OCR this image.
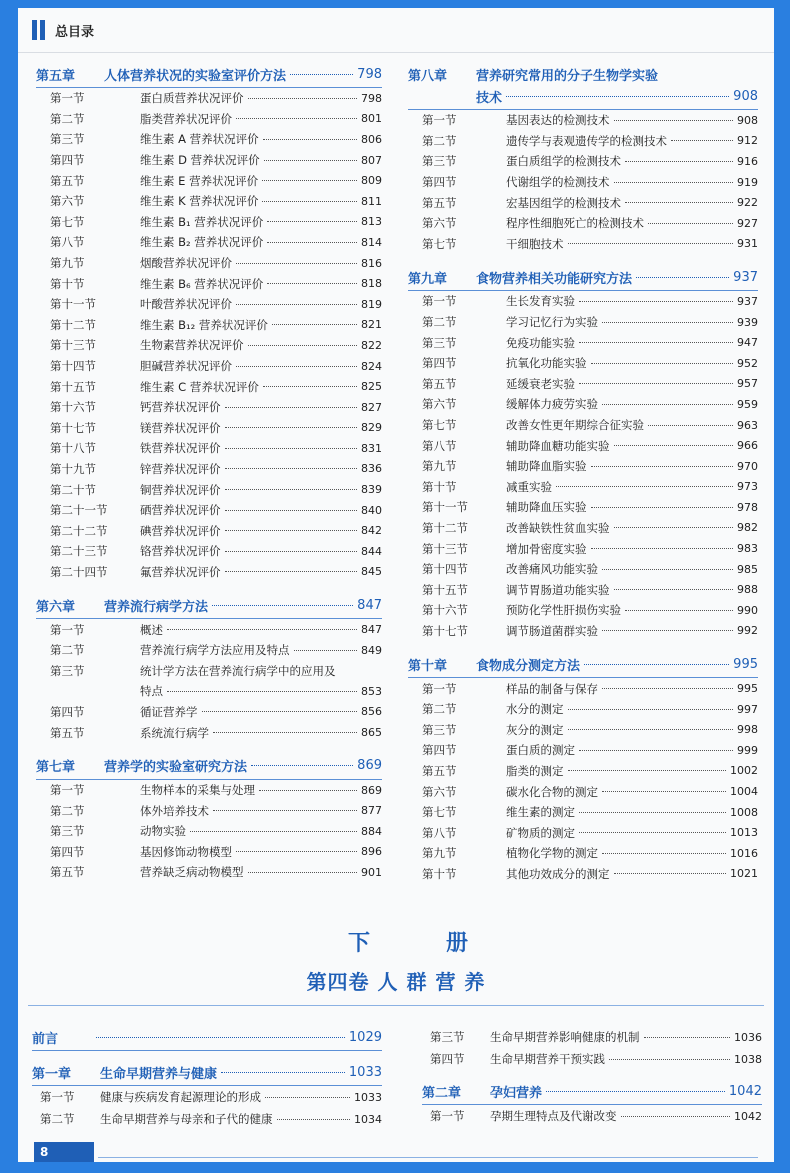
总目录
第五章	人体营养状况的实验室评价方法	798
第一节	蛋白质营养状况评价	798
第二节	脂类营养状况评价	801
第三节	维生素 A 营养状况评价	806
第四节	维生素 D 营养状况评价	807
第五节	维生素 E 营养状况评价	809
第六节	维生素 K 营养状况评价	811
第七节	维生素 B₁ 营养状况评价	813
第八节	维生素 B₂ 营养状况评价	814
第九节	烟酸营养状况评价	816
第十节	维生素 B₆ 营养状况评价	818
第十一节	叶酸营养状况评价	819
第十二节	维生素 B₁₂ 营养状况评价	821
第十三节	生物素营养状况评价	822
第十四节	胆碱营养状况评价	824
第十五节	维生素 C 营养状况评价	825
第十六节	钙营养状况评价	827
第十七节	镁营养状况评价	829
第十八节	铁营养状况评价	831
第十九节	锌营养状况评价	836
第二十节	铜营养状况评价	839
第二十一节	硒营养状况评价	840
第二十二节	碘营养状况评价	842
第二十三节	铬营养状况评价	844
第二十四节	氟营养状况评价	845
第六章	营养流行病学方法	847
第一节	概述	847
第二节	营养流行病学方法应用及特点	849
第三节	统计学方法在营养流行病学中的应用及
特点	853
第四节	循证营养学	856
第五节	系统流行病学	865
第七章	营养学的实验室研究方法	869
第一节	生物样本的采集与处理	869
第二节	体外培养技术	877
第三节	动物实验	884
第四节	基因修饰动物模型	896
第五节	营养缺乏病动物模型	901
第八章	营养研究常用的分子生物学实验
技术	908
第一节	基因表达的检测技术	908
第二节	遗传学与表观遗传学的检测技术	912
第三节	蛋白质组学的检测技术	916
第四节	代谢组学的检测技术	919
第五节	宏基因组学的检测技术	922
第六节	程序性细胞死亡的检测技术	927
第七节	干细胞技术	931
第九章	食物营养相关功能研究方法	937
第一节	生长发育实验	937
第二节	学习记忆行为实验	939
第三节	免疫功能实验	947
第四节	抗氧化功能实验	952
第五节	延缓衰老实验	957
第六节	缓解体力疲劳实验	959
第七节	改善女性更年期综合征实验	963
第八节	辅助降血糖功能实验	966
第九节	辅助降血脂实验	970
第十节	减重实验	973
第十一节	辅助降血压实验	978
第十二节	改善缺铁性贫血实验	982
第十三节	增加骨密度实验	983
第十四节	改善痛风功能实验	985
第十五节	调节胃肠道功能实验	988
第十六节	预防化学性肝损伤实验	990
第十七节	调节肠道菌群实验	992
第十章	食物成分测定方法	995
第一节	样品的制备与保存	995
第二节	水分的测定	997
第三节	灰分的测定	998
第四节	蛋白质的测定	999
第五节	脂类的测定	1002
第六节	碳水化合物的测定	1004
第七节	维生素的测定	1008
第八节	矿物质的测定	1013
第九节	植物化学物的测定	1016
第十节	其他功效成分的测定	1021
下	册
第四卷 人 群 营 养
前言	1029
第一章	生命早期营养与健康	1033
第一节	健康与疾病发育起源理论的形成	1033
第二节	生命早期营养与母亲和子代的健康	1034
第三节	生命早期营养影响健康的机制	1036
第四节	生命早期营养干预实践	1038
第二章	孕妇营养	1042
第一节	孕期生理特点及代谢改变	1042
8
